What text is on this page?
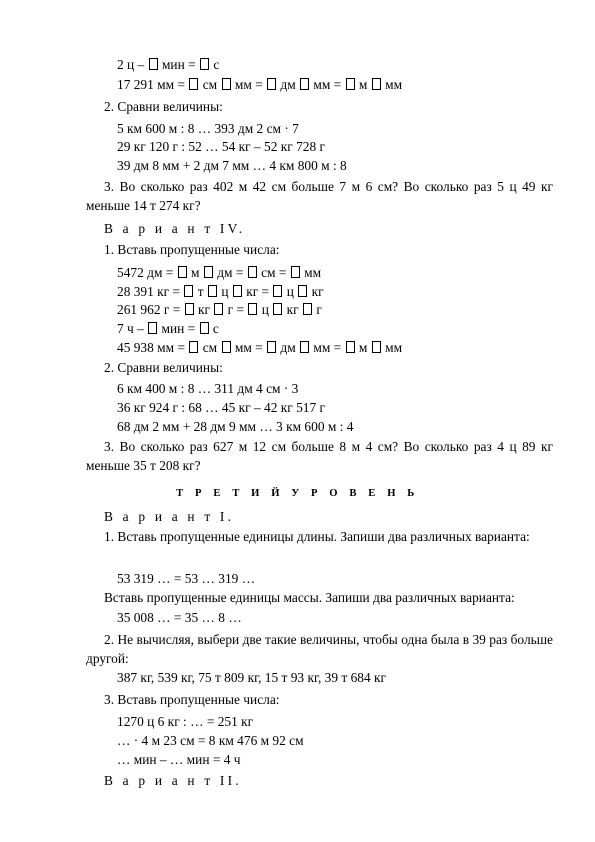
2 ц –  мин =  с
17 291 мм =  см  мм =  дм  мм =  м  мм
2. Сравни величины:
5 км 600 м : 8 … 393 дм 2 см · 7
29 кг 120 г : 52 … 54 кг – 52 кг 728 г
39 дм 8 мм + 2 дм 7 мм … 4 км 800 м : 8
3. Во сколько раз 402 м 42 см больше 7 м 6 см? Во сколько раз 5 ц 49 кг меньше 14 т 274 кг?
В а р и а н т IV.
1. Вставь пропущенные числа:
5472 дм =  м  дм =  см =  мм
28 391 кг =  т  ц  кг =  ц  кг
261 962 г =  кг  г =  ц  кг  г
7 ч –  мин =  с
45 938 мм =  см  мм =  дм  мм =  м  мм
2. Сравни величины:
6 км 400 м : 8 … 311 дм 4 см · 3
36 кг 924 г : 68 … 45 кг – 42 кг 517 г
68 дм 2 мм + 28 дм 9 мм … 3 км 600 м : 4
3. Во сколько раз 627 м 12 см больше 8 м 4 см? Во сколько раз 4 ц 89 кг меньше 35 т 208 кг?
Т Р Е Т И Й У Р О В Е Н Ь
В а р и а н т I.
1. Вставь пропущенные единицы длины. Запиши два различных варианта:
53 319 … = 53 … 319 …
Вставь пропущенные единицы массы. Запиши два различных варианта:
35 008 … = 35 … 8 …
2. Не вычисляя, выбери две такие величины, чтобы одна была в 39 раз больше другой:
387 кг, 539 кг, 75 т 809 кг, 15 т 93 кг, 39 т 684 кг
3. Вставь пропущенные числа:
1270 ц 6 кг : … = 251 кг
… · 4 м 23 см = 8 км 476 м 92 см
… мин – … мин = 4 ч
В а р и а н т II.
